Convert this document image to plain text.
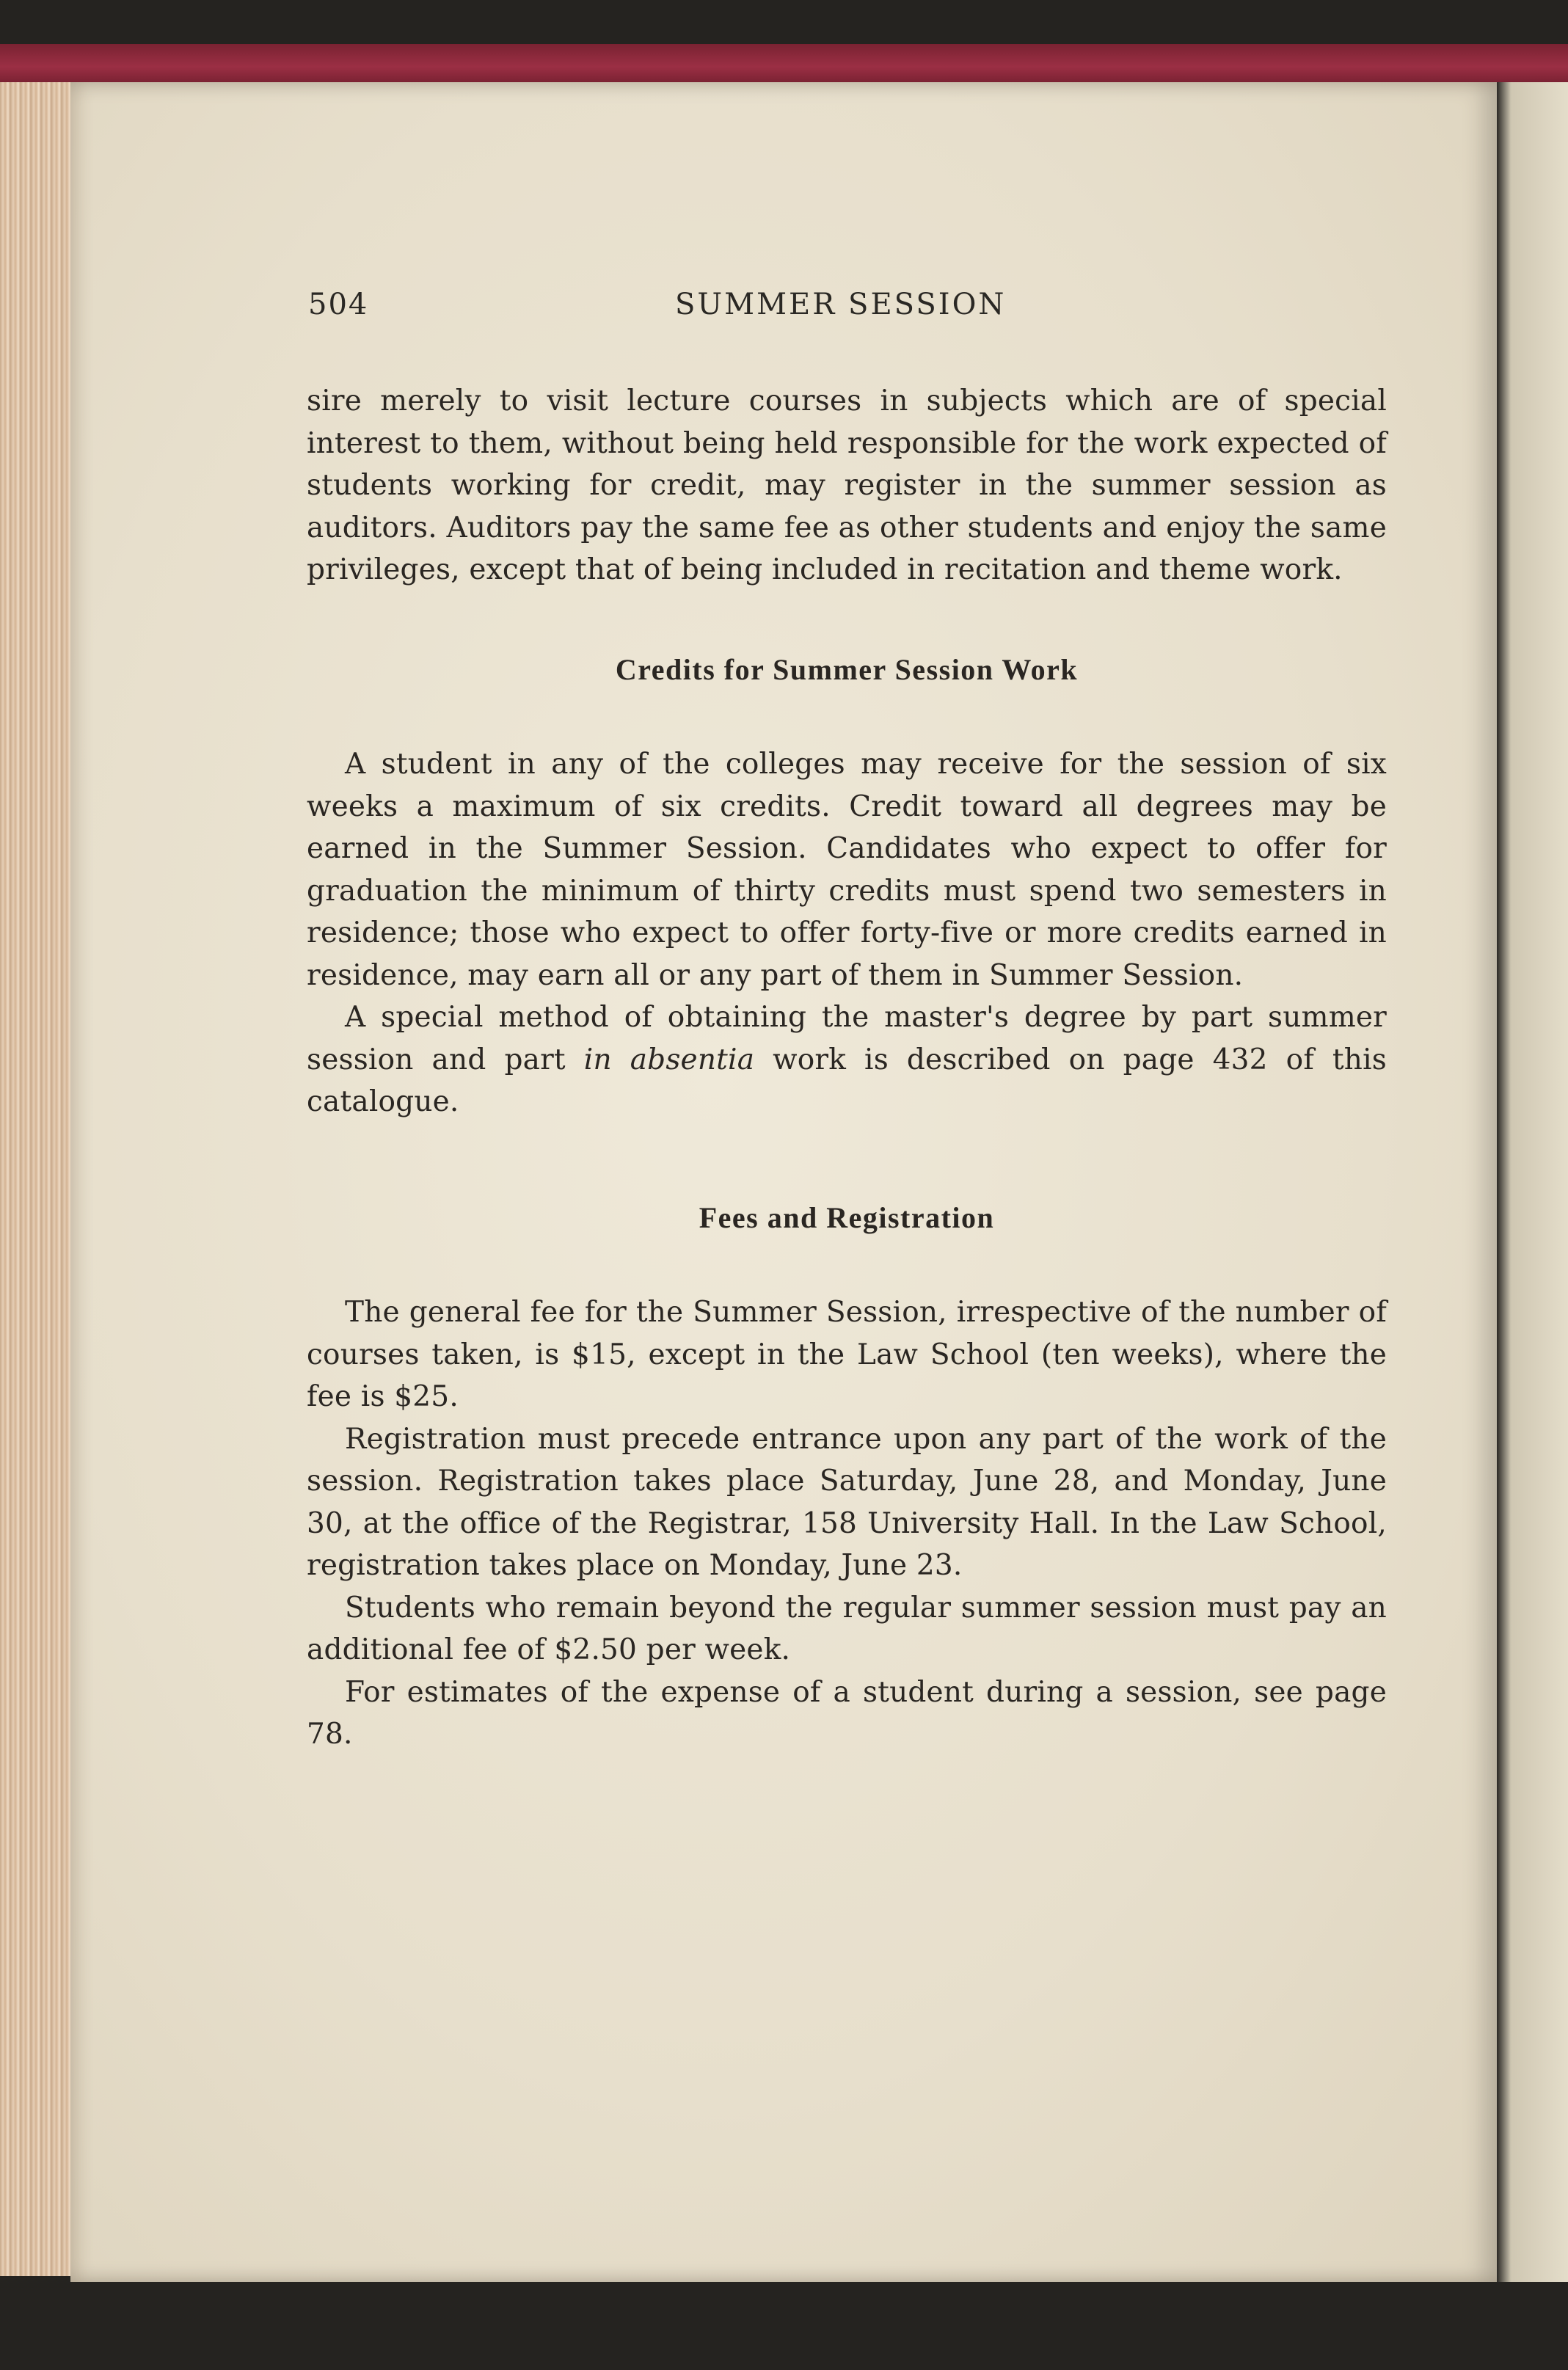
504	SUMMER SESSION

sire merely to visit lecture courses in subjects which are of special interest to them, without being held responsible for the work expected of students working for credit, may register in the summer session as auditors. Auditors pay the same fee as other students and enjoy the same privileges, except that of being included in recitation and theme work.

Credits for Summer Session Work

A student in any of the colleges may receive for the session of six weeks a maximum of six credits. Credit toward all degrees may be earned in the Summer Session. Candidates who expect to offer for graduation the minimum of thirty credits must spend two semesters in residence; those who expect to offer forty-five or more credits earned in residence, may earn all or any part of them in Summer Session.

A special method of obtaining the master's degree by part summer session and part in absentia work is described on page 432 of this catalogue.

Fees and Registration

The general fee for the Summer Session, irrespective of the number of courses taken, is $15, except in the Law School (ten weeks), where the fee is $25.

Registration must precede entrance upon any part of the work of the session. Registration takes place Saturday, June 28, and Monday, June 30, at the office of the Registrar, 158 University Hall. In the Law School, registration takes place on Monday, June 23.

Students who remain beyond the regular summer session must pay an additional fee of $2.50 per week.

For estimates of the expense of a student during a session, see page 78.
